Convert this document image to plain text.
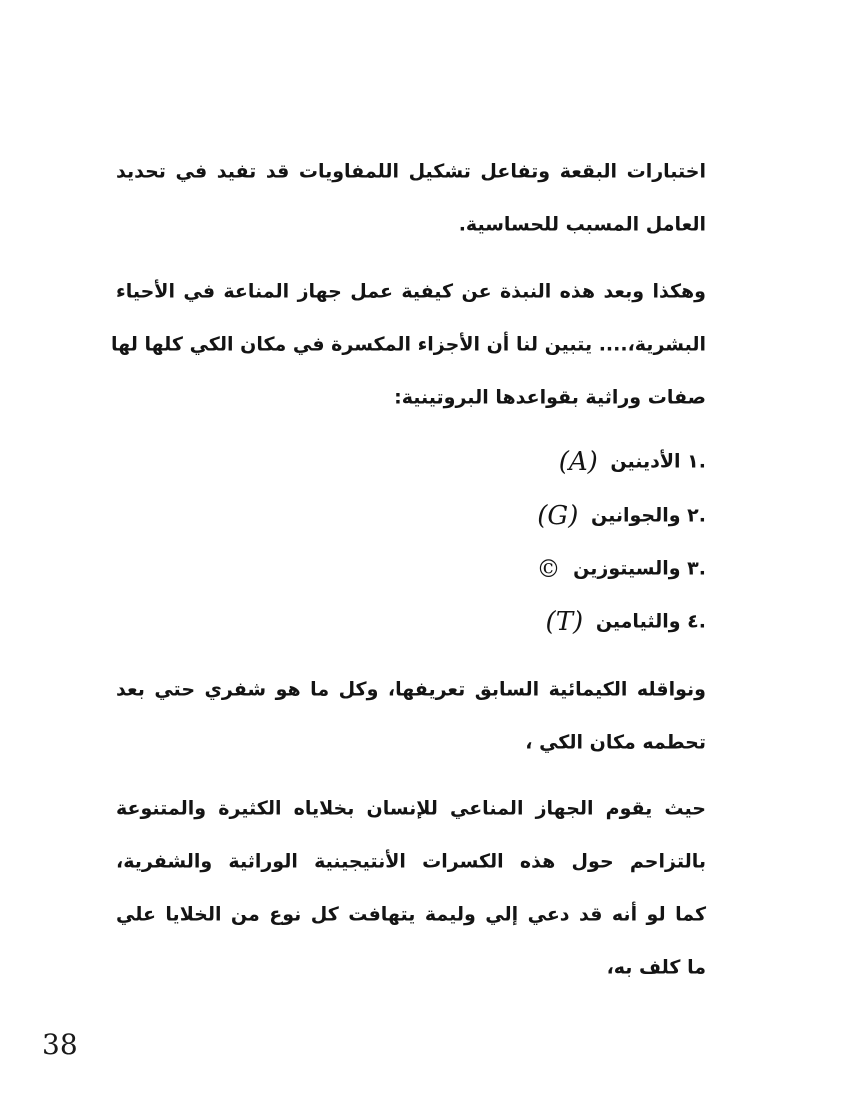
اختبارات البقعة وتفاعل تشكيل اللمفاويات قد تفيد في تحديد
العامل المسبب للحساسية.
وهكذا وبعد هذه النبذة عن كيفية عمل جهاز المناعة في الأحياء
البشرية،.... يتبين لنا أن الأجزاء المكسرة في مكان الكي كلها لها
صفات وراثية بقواعدها البروتينية:
١. الأدينين (A)
٢. والجوانين (G)
٣. والسيتوزين ©
٤. والثيامين (T)
ونواقله الكيمائية السابق تعريفها، وكل ما هو شفري حتي بعد
تحطمه مكان الكي ،
حيث يقوم الجهاز المناعي للإنسان بخلاياه الكثيرة والمتنوعة
بالتزاحم حول هذه الكسرات الأنتيجينية الوراثية والشفرية،
كما لو أنه قد دعي إلي وليمة يتهافت كل نوع من الخلايا علي
ما كلف به،
38
